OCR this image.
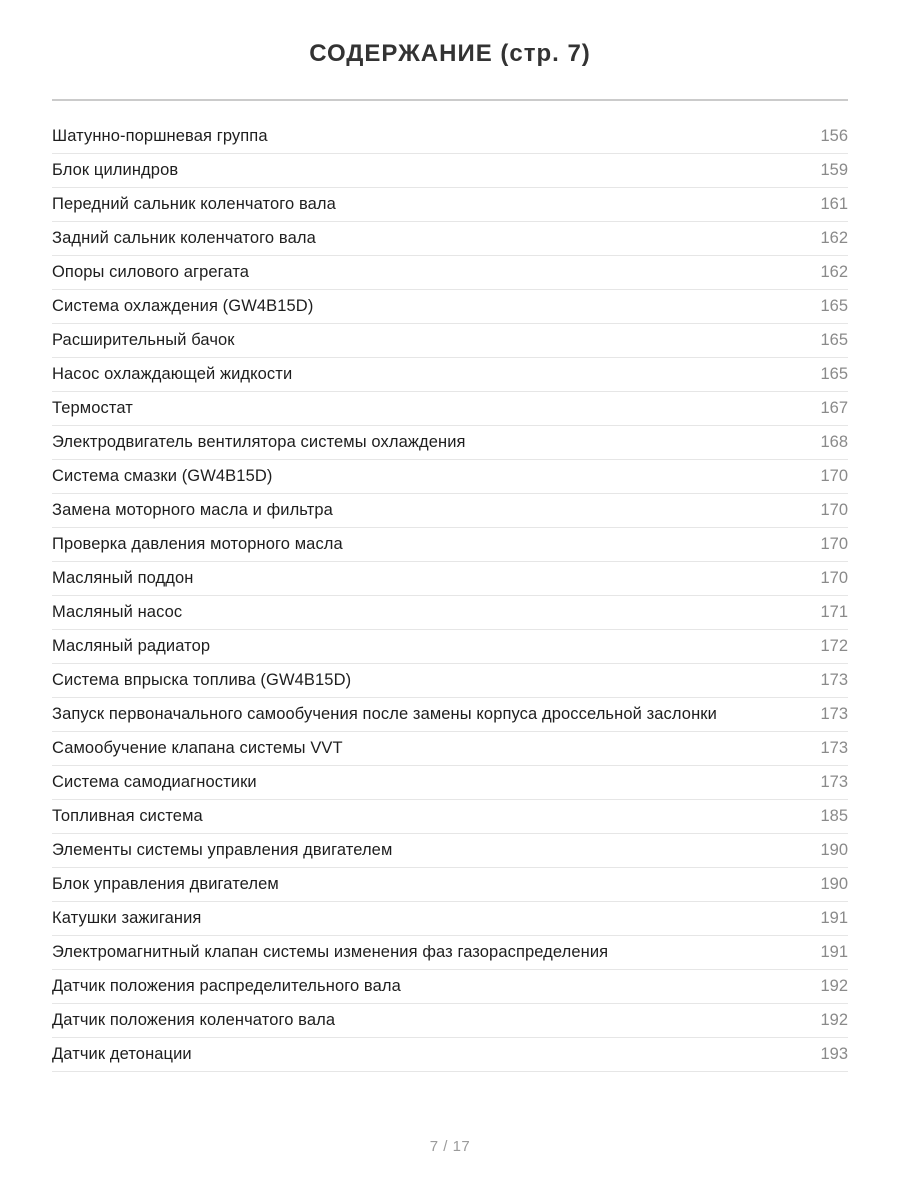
СОДЕРЖАНИЕ (стр. 7)
Шатунно-поршневая группа	156
Блок цилиндров	159
Передний сальник коленчатого вала	161
Задний сальник коленчатого вала	162
Опоры силового агрегата	162
Система охлаждения (GW4B15D)	165
Расширительный бачок	165
Насос охлаждающей жидкости	165
Термостат	167
Электродвигатель вентилятора системы охлаждения	168
Система смазки (GW4B15D)	170
Замена моторного масла и фильтра	170
Проверка давления моторного масла	170
Масляный поддон	170
Масляный насос	171
Масляный радиатор	172
Система впрыска топлива (GW4B15D)	173
Запуск первоначального самообучения после замены корпуса дроссельной заслонки	173
Самообучение клапана системы VVT	173
Система самодиагностики	173
Топливная система	185
Элементы системы управления двигателем	190
Блок управления двигателем	190
Катушки зажигания	191
Электромагнитный клапан системы изменения фаз газораспределения	191
Датчик положения распределительного вала	192
Датчик положения коленчатого вала	192
Датчик детонации	193
7 / 17
